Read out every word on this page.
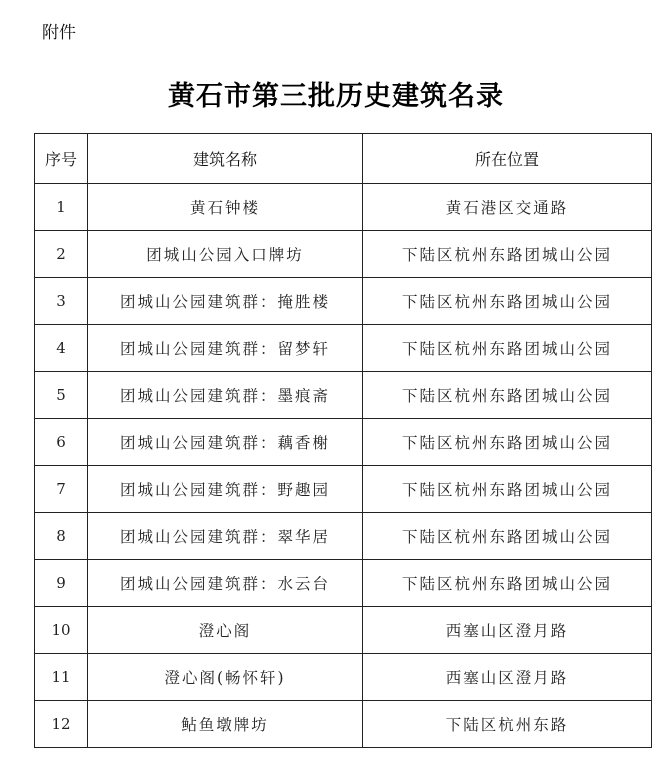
附件
黄石市第三批历史建筑名录
序号	建筑名称	所在位置
1	黄石钟楼	黄石港区交通路
2	团城山公园入口牌坊	下陆区杭州东路团城山公园
3	团城山公园建筑群：掩胜楼	下陆区杭州东路团城山公园
4	团城山公园建筑群：留梦轩	下陆区杭州东路团城山公园
5	团城山公园建筑群：墨痕斋	下陆区杭州东路团城山公园
6	团城山公园建筑群：藕香榭	下陆区杭州东路团城山公园
7	团城山公园建筑群：野趣园	下陆区杭州东路团城山公园
8	团城山公园建筑群：翠华居	下陆区杭州东路团城山公园
9	团城山公园建筑群：水云台	下陆区杭州东路团城山公园
10	澄心阁	西塞山区澄月路
11	澄心阁(畅怀轩)	西塞山区澄月路
12	鲇鱼墩牌坊	下陆区杭州东路
